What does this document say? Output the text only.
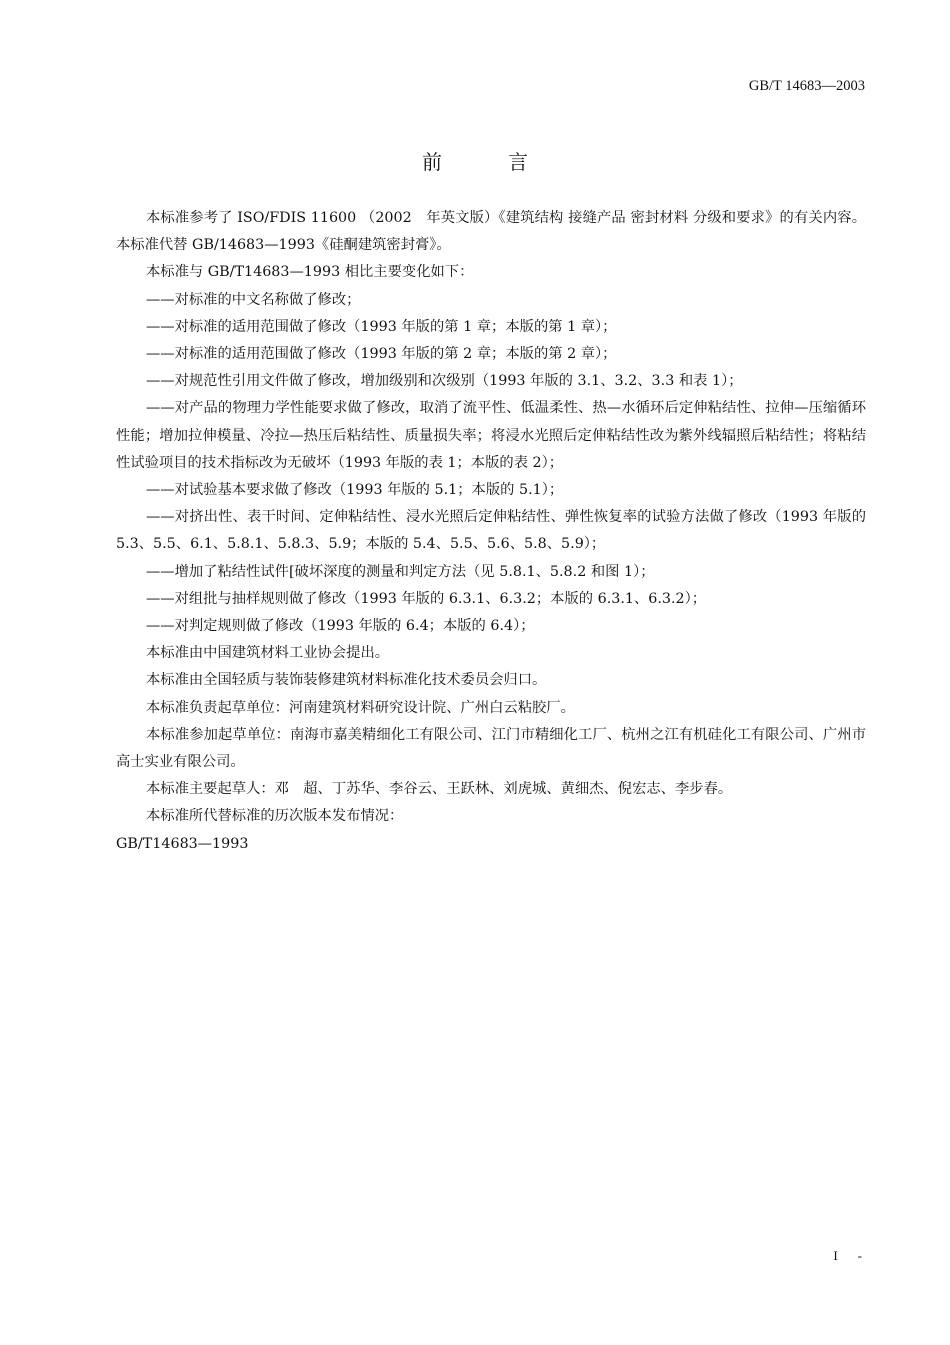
GB/T 14683—2003
前	言

本标准参考了 ISO/FDIS 11600 （2002　年英文版）《建筑结构 接缝产品 密封材料 分级和要求》的有关内容。本标准代替 GB/14683—1993《硅酮建筑密封膏》。

本标准与 GB/T14683—1993 相比主要变化如下：

——对标准的中文名称做了修改；

——对标准的适用范围做了修改（1993 年版的第 1 章；本版的第 1 章）；

——对标准的适用范围做了修改（1993 年版的第 2 章；本版的第 2 章）；

——对规范性引用文件做了修改，增加级别和次级别（1993 年版的 3.1、3.2、3.3 和表 1）；

——对产品的物理力学性能要求做了修改，取消了流平性、低温柔性、热—水循环后定伸粘结性、拉伸—压缩循环性能；增加拉伸模量、冷拉—热压后粘结性、质量损失率；将浸水光照后定伸粘结性改为紫外线辐照后粘结性；将粘结性试验项目的技术指标改为无破坏（1993 年版的表 1；本版的表 2）；

——对试验基本要求做了修改（1993 年版的 5.1；本版的 5.1）；

——对挤出性、表干时间、定伸粘结性、浸水光照后定伸粘结性、弹性恢复率的试验方法做了修改（1993 年版的 5.3、5.5、6.1、5.8.1、5.8.3、5.9；本版的 5.4、5.5、5.6、5.8、5.9）；

——增加了粘结性试件[破坏深度的测量和判定方法（见 5.8.1、5.8.2 和图 1）；

——对组批与抽样规则做了修改（1993 年版的 6.3.1、6.3.2；本版的 6.3.1、6.3.2）；

——对判定规则做了修改（1993 年版的 6.4；本版的 6.4）；

本标准由中国建筑材料工业协会提出。

本标准由全国轻质与装饰装修建筑材料标准化技术委员会归口。

本标准负责起草单位：河南建筑材料研究设计院、广州白云粘胶厂。

本标准参加起草单位：南海市嘉美精细化工有限公司、江门市精细化工厂、杭州之江有机硅化工有限公司、广州市高士实业有限公司。

本标准主要起草人：邓　超、丁苏华、李谷云、王跃林、刘虎城、黄细杰、倪宏志、李步春。

本标准所代替标准的历次版本发布情况：

GB/T14683—1993

I -
